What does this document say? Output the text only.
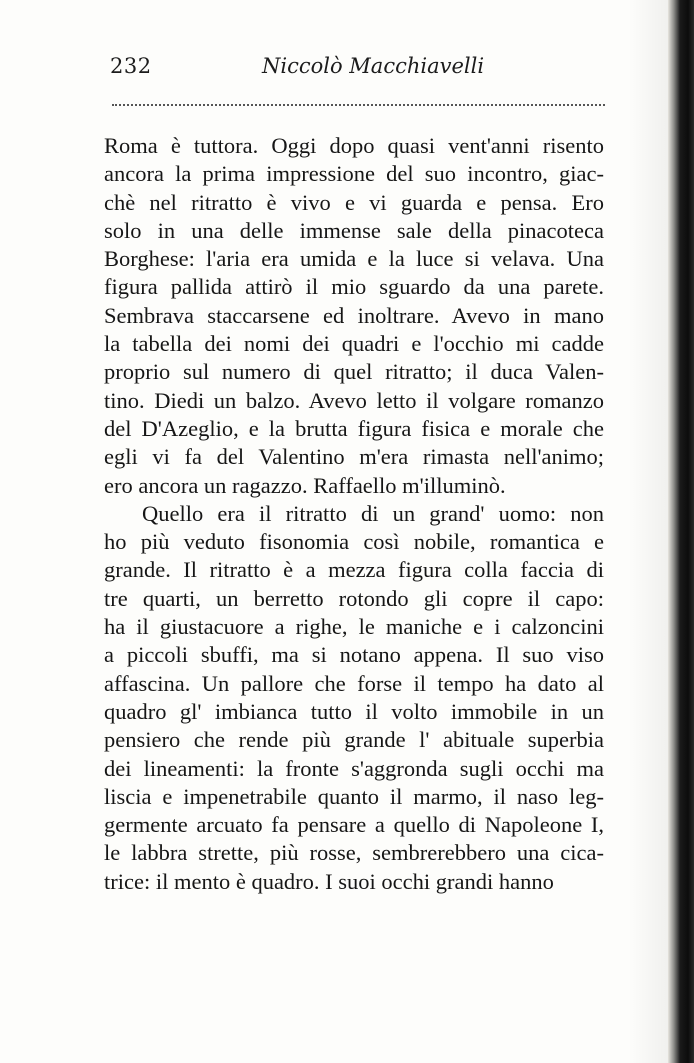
232	Niccolò Macchiavelli
Roma è tuttora. Oggi dopo quasi vent'anni risento
ancora la prima impressione del suo incontro, giac-
chè nel ritratto è vivo e vi guarda e pensa. Ero
solo in una delle immense sale della pinacoteca
Borghese: l'aria era umida e la luce si velava. Una
figura pallida attirò il mio sguardo da una parete.
Sembrava staccarsene ed inoltrare. Avevo in mano
la tabella dei nomi dei quadri e l'occhio mi cadde
proprio sul numero di quel ritratto; il duca Valen-
tino. Diedi un balzo. Avevo letto il volgare romanzo
del D'Azeglio, e la brutta figura fisica e morale che
egli vi fa del Valentino m'era rimasta nell'animo;
ero ancora un ragazzo. Raffaello m'illuminò.
Quello era il ritratto di un grand' uomo: non
ho più veduto fisonomia così nobile, romantica e
grande. Il ritratto è a mezza figura colla faccia di
tre quarti, un berretto rotondo gli copre il capo:
ha il giustacuore a righe, le maniche e i calzoncini
a piccoli sbuffi, ma si notano appena. Il suo viso
affascina. Un pallore che forse il tempo ha dato al
quadro gl' imbianca tutto il volto immobile in un
pensiero che rende più grande l' abituale superbia
dei lineamenti: la fronte s'aggronda sugli occhi ma
liscia e impenetrabile quanto il marmo, il naso leg-
germente arcuato fa pensare a quello di Napoleone I,
le labbra strette, più rosse, sembrerebbero una cica-
trice: il mento è quadro. I suoi occhi grandi hanno
